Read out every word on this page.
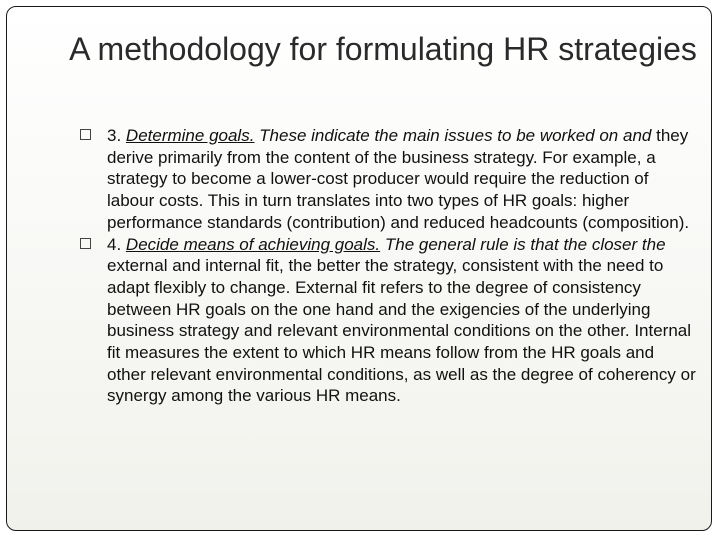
A methodology for formulating HR strategies
3. Determine goals. These indicate the main issues to be worked on and they derive primarily from the content of the business strategy. For example, a strategy to become a lower-cost producer would require the reduction of labour costs. This in turn translates into two types of HR goals: higher performance standards (contribution) and reduced headcounts (composition).
4. Decide means of achieving goals. The general rule is that the closer the external and internal fit, the better the strategy, consistent with the need to adapt flexibly to change. External fit refers to the degree of consistency between HR goals on the one hand and the exigencies of the underlying business strategy and relevant environmental conditions on the other. Internal fit measures the extent to which HR means follow from the HR goals and other relevant environmental conditions, as well as the degree of coherency or synergy among the various HR means.
